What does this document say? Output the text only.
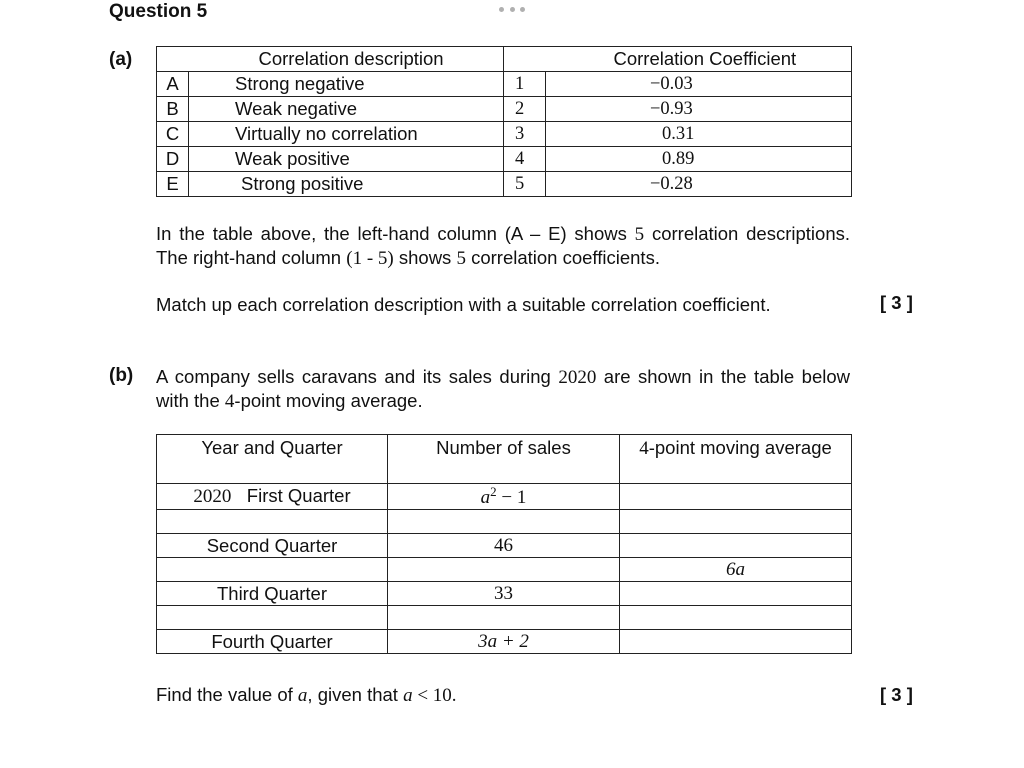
Question 5
(a)
		Correlation description		Correlation Coefficient
A	Strong negative	1	−0.03
B	Weak negative	2	−0.93
C	Virtually no correlation	3	0.31
D	Weak positive	4	0.89
E	Strong positive	5	−0.28
In the table above, the left-hand column (A – E) shows 5 correlation descriptions. The right-hand column (1 - 5) shows 5 correlation coefficients.
Match up each correlation description with a suitable correlation coefficient.	[ 3 ]
(b) A company sells caravans and its sales during 2020 are shown in the table below with the 4-point moving average.
Year and Quarter	Number of sales	4-point moving average
2020 First Quarter	$a^2 - 1$	

Second Quarter	46	
		6a
Third Quarter	33	

Fourth Quarter	3a + 2	
Find the value of a, given that a < 10.	[ 3 ]
